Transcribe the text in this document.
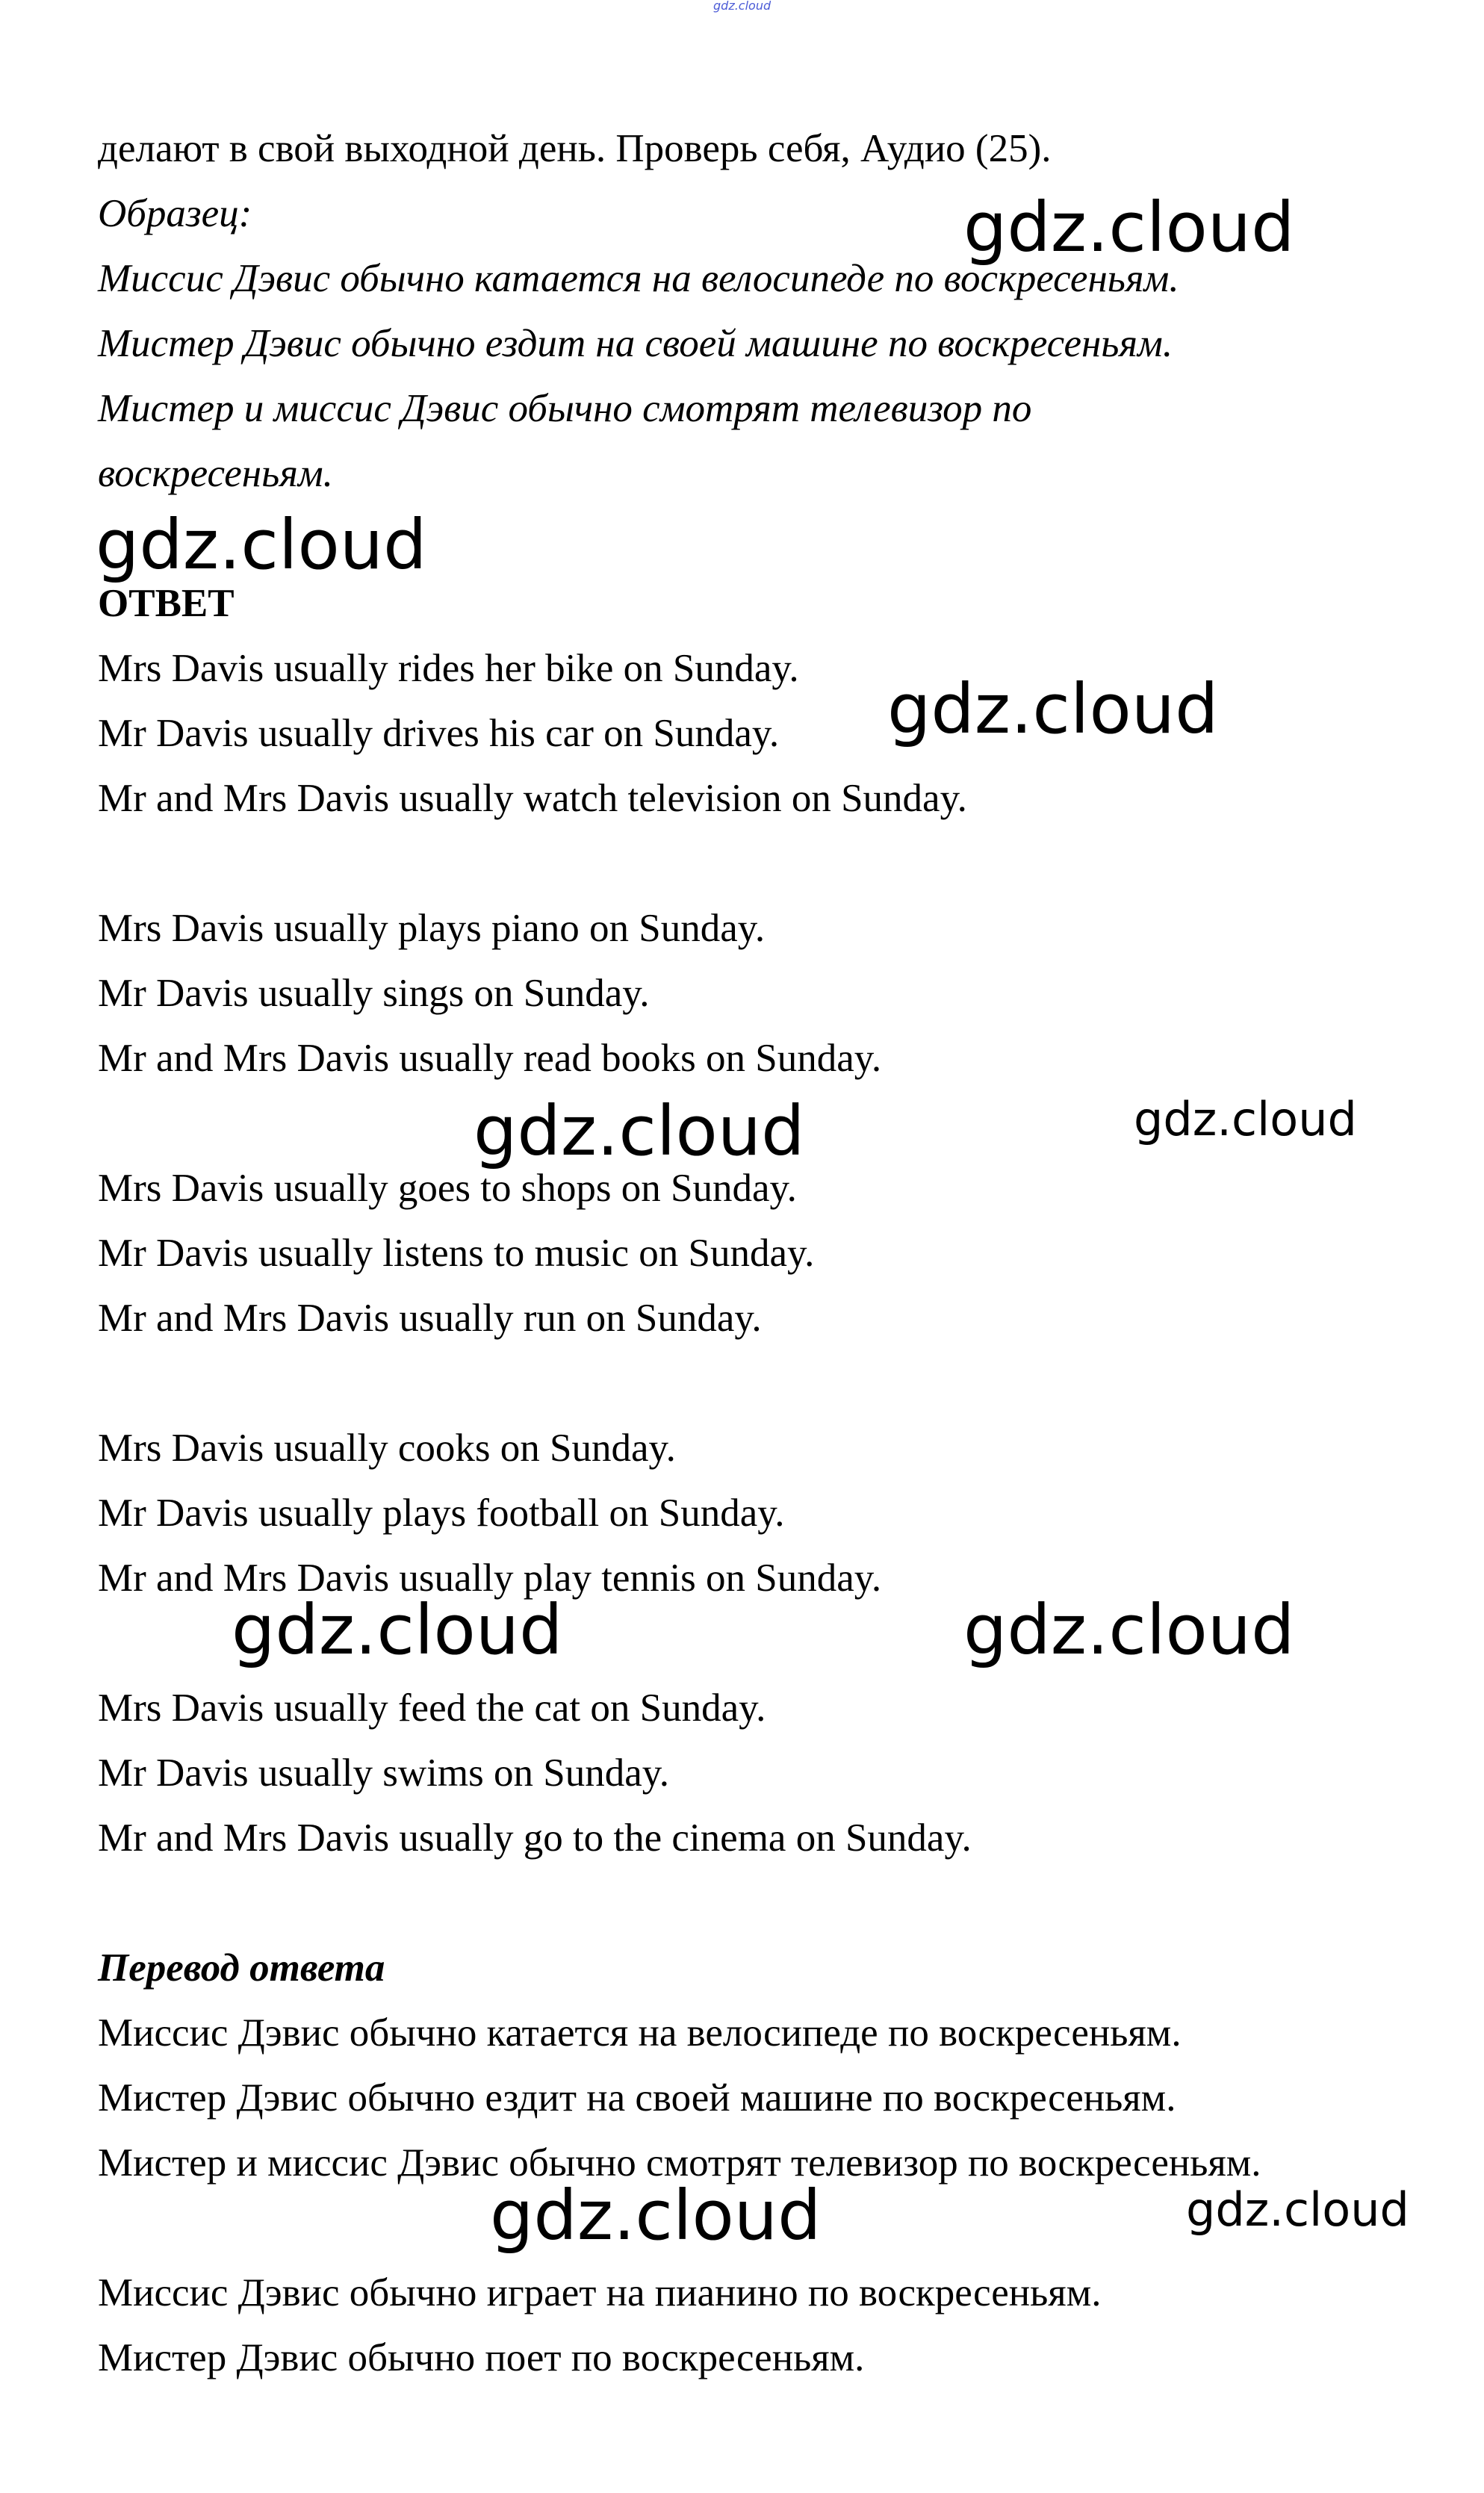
gdz.cloud
делают в свой выходной день. Проверь себя, Аудио (25).
Образец:
Миссис Дэвис обычно катается на велосипеде по воскресеньям.
Мистер Дэвис обычно ездит на своей машине по воскресеньям.
Мистер и миссис Дэвис обычно смотрят телевизор по
воскресеньям.
ОТВЕТ
Mrs Davis usually rides her bike on Sunday.
Mr Davis usually drives his car on Sunday.
Mr and Mrs Davis usually watch television on Sunday.
Mrs Davis usually plays piano on Sunday.
Mr Davis usually sings on Sunday.
Mr and Mrs Davis usually read books on Sunday.
Mrs Davis usually goes to shops on Sunday.
Mr Davis usually listens to music on Sunday.
Mr and Mrs Davis usually run on Sunday.
Mrs Davis usually cooks on Sunday.
Mr Davis usually plays football on Sunday.
Mr and Mrs Davis usually play tennis on Sunday.
Mrs Davis usually feed the cat on Sunday.
Mr Davis usually swims on Sunday.
Mr and Mrs Davis usually go to the cinema on Sunday.
Перевод ответа
Миссис Дэвис обычно катается на велосипеде по воскресеньям.
Мистер Дэвис обычно ездит на своей машине по воскресеньям.
Мистер и миссис Дэвис обычно смотрят телевизор по воскресеньям.
Миссис Дэвис обычно играет на пианино по воскресеньям.
Мистер Дэвис обычно поет по воскресеньям.
gdz.cloud
gdz.cloud
gdz.cloud
gdz.cloud	gdz.cloud
gdz.cloud	gdz.cloud
gdz.cloud	gdz.cloud
